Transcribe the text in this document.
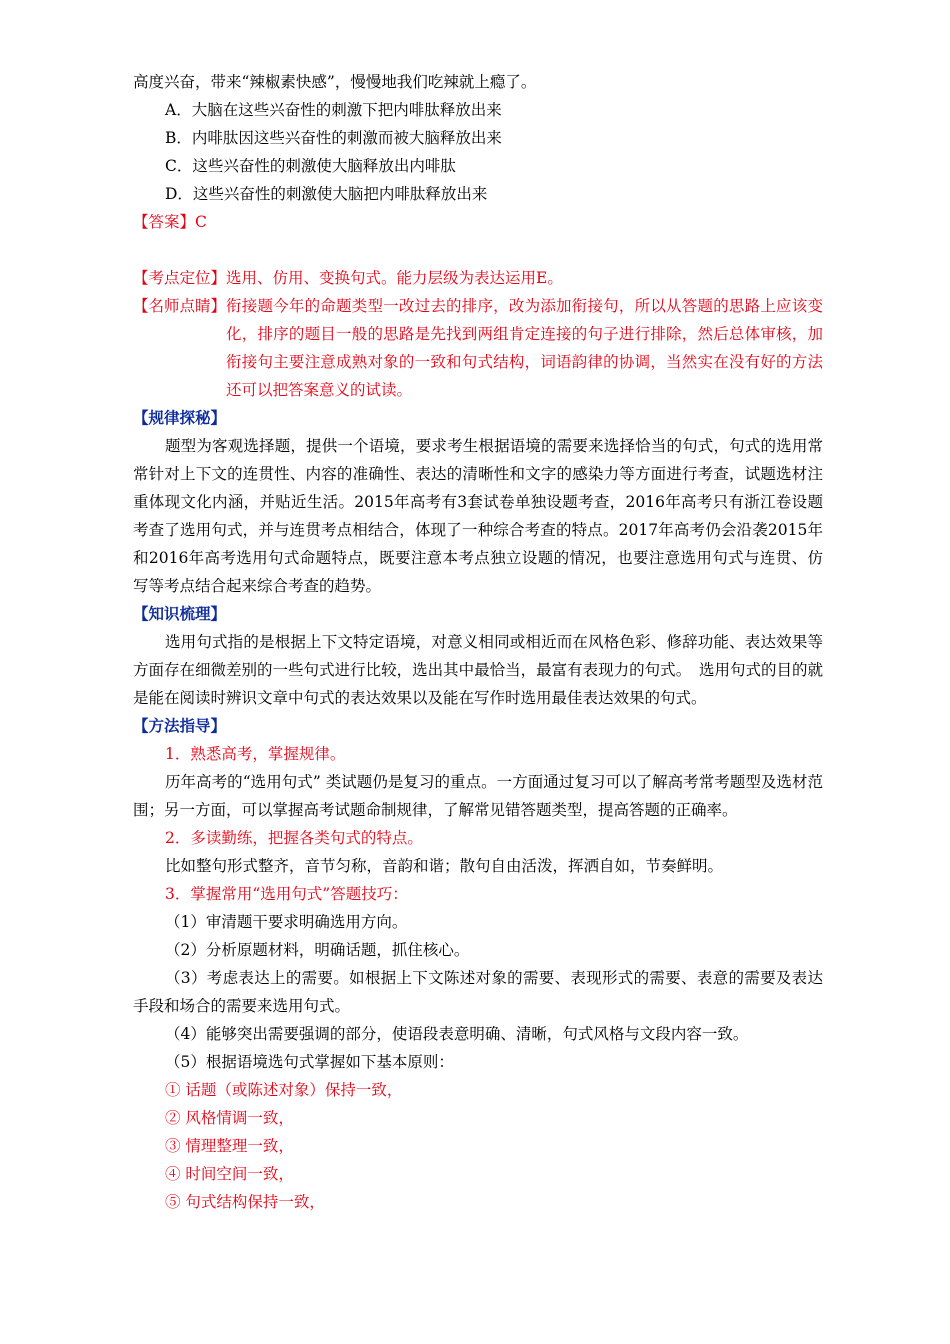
高度兴奋，带来“辣椒素快感”，慢慢地我们吃辣就上瘾了。
A．大脑在这些兴奋性的刺激下把内啡肽释放出来
B．内啡肽因这些兴奋性的刺激而被大脑释放出来
C．这些兴奋性的刺激使大脑释放出内啡肽
D．这些兴奋性的刺激使大脑把内啡肽释放出来
【答案】C
【考点定位】选用、仿用、变换句式。能力层级为表达运用E。
【名师点睛】 衔接题今年的命题类型一改过去的排序，改为添加衔接句，所以从答题的思路上应该变化，排序的题目一般的思路是先找到两组肯定连接的句子进行排除，然后总体审核，加衔接句主要注意成熟对象的一致和句式结构，词语韵律的协调，当然实在没有好的方法还可以把答案意义的试读。
【规律探秘】

题型为客观选择题，提供一个语境，要求考生根据语境的需要来选择恰当的句式，句式的选用常常针对上下文的连贯性、内容的准确性、表达的清晰性和文字的感染力等方面进行考查，试题选材注重体现文化内涵，并贴近生活。2015年高考有3套试卷单独设题考查，2016年高考只有浙江卷设题考查了选用句式，并与连贯考点相结合，体现了一种综合考查的特点。2017年高考仍会沿袭2015年和2016年高考选用句式命题特点，既要注意本考点独立设题的情况，也要注意选用句式与连贯、仿写等考点结合起来综合考查的趋势。

【知识梳理】

选用句式指的是根据上下文特定语境，对意义相同或相近而在风格色彩、修辞功能、表达效果等方面存在细微差别的一些句式进行比较，选出其中最恰当，最富有表现力的句式。　选用句式的目的就是能在阅读时辨识文章中句式的表达效果以及能在写作时选用最佳表达效果的句式。

【方法指导】
1．熟悉高考，掌握规律。

历年高考的“选用句式” 类试题仍是复习的重点。一方面通过复习可以了解高考常考题型及选材范围；另一方面，可以掌握高考试题命制规律，了解常见错答题类型，提高答题的正确率。

2．多读勤练，把握各类句式的特点。
比如整句形式整齐，音节匀称，音韵和谐；散句自由活泼，挥洒自如，节奏鲜明。
3．掌握常用“选用句式”答题技巧：
（1）审清题干要求明确选用方向。
（2）分析原题材料，明确话题，抓住核心。

（3）考虑表达上的需要。如根据上下文陈述对象的需要、表现形式的需要、表意的需要及表达手段和场合的需要来选用句式。

（4）能够突出需要强调的部分，使语段表意明确、清晰，句式风格与文段内容一致。
（5）根据语境选句式掌握如下基本原则：
① 话题（或陈述对象）保持一致，
② 风格情调一致，
③ 情理整理一致，
④ 时间空间一致，
⑤ 句式结构保持一致，
